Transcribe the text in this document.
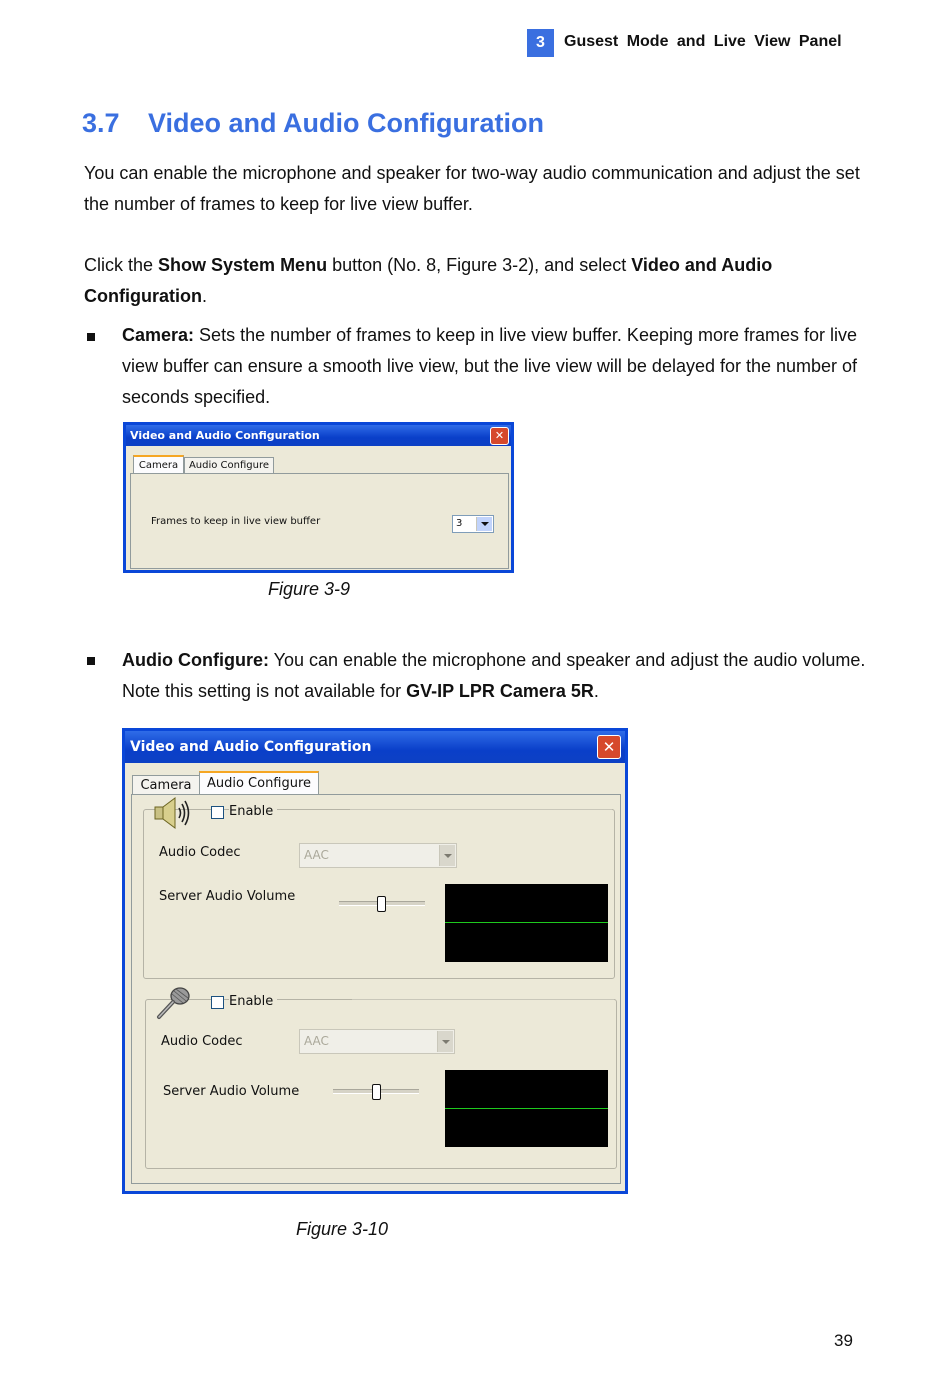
3	Gusest Mode and Live View Panel
3.7 Video and Audio Configuration
You can enable the microphone and speaker for two-way audio communication and adjust the set the number of frames to keep for live view buffer.
Click the Show System Menu button (No. 8, Figure 3-2), and select Video and Audio Configuration.
Camera: Sets the number of frames to keep in live view buffer. Keeping more frames for live view buffer can ensure a smooth live view, but the live view will be delayed for the number of seconds specified.
Video and Audio Configuration	✕
Camera	Audio Configure
Frames to keep in live view buffer	3
Figure 3-9
Audio Configure: You can enable the microphone and speaker and adjust the audio volume. Note this setting is not available for GV-IP LPR Camera 5R.
Video and Audio Configuration	✕
Camera	Audio Configure
Enable
Audio Codec	AAC
Server Audio Volume
Enable
Audio Codec	AAC
Server Audio Volume
Figure 3-10
39
